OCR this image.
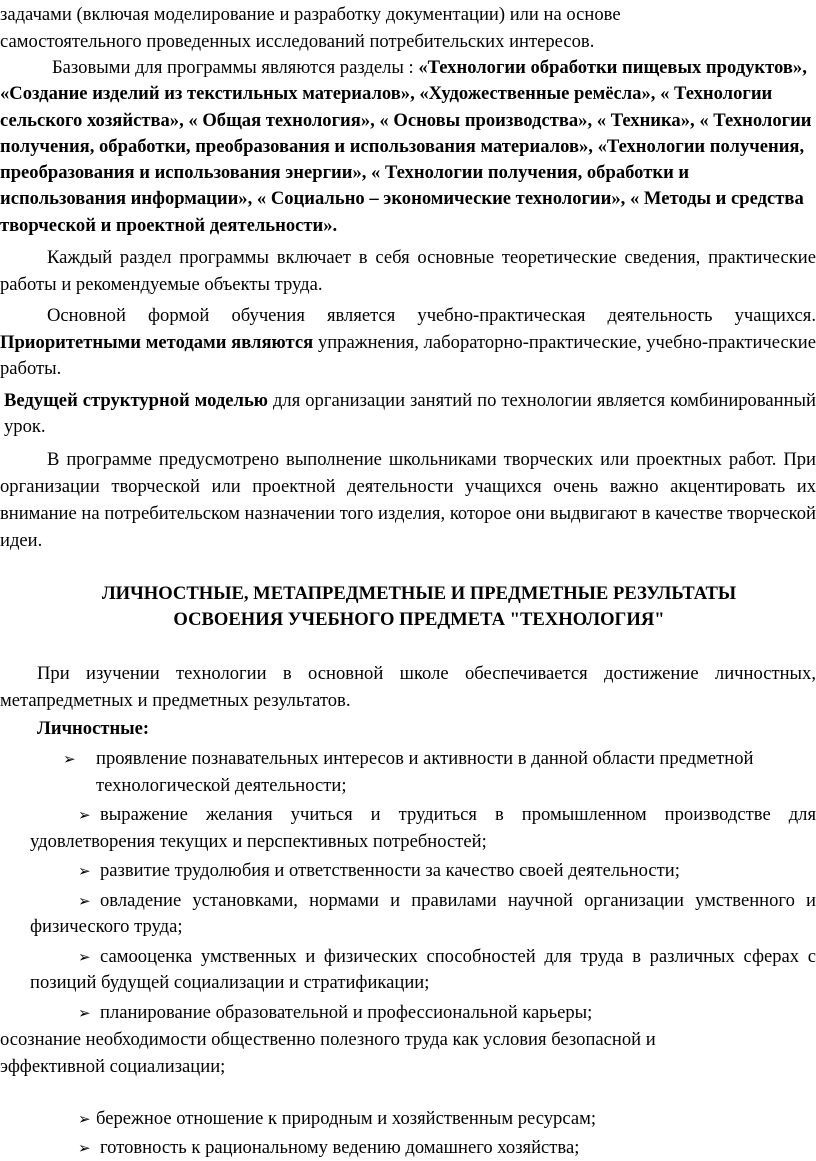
задачами (включая моделирование и разработку документации) или на основе
самостоятельного проведенных исследований потребительских интересов.

Базовыми для программы являются разделы : «Технологии обработки пищевых продуктов», «Создание изделий из текстильных материалов», «Художественные ремёсла», « Технологии сельского хозяйства», « Общая технология», « Основы производства», « Техника», « Технологии получения, обработки, преобразования и использования материалов», «Технологии получения, преобразования и использования энергии», « Технологии получения, обработки и использования информации», « Социально – экономические технологии», « Методы и средства творческой и проектной деятельности».

Каждый раздел программы включает в себя основные теоретические сведения, практические работы и рекомендуемые объекты труда.

Основной формой обучения является учебно-практическая деятельность учащихся. Приоритетными методами являются упражнения, лабораторно-практические, учебно-практические работы.

Ведущей структурной моделью для организации занятий по технологии является комбинированный урок.

В программе предусмотрено выполнение школьниками творческих или проектных работ. При организации творческой или проектной деятельности учащихся очень важно акцентировать их внимание на потребительском назначении того изделия, которое они выдвигают в качестве творческой идеи.

ЛИЧНОСТНЫЕ, МЕТАПРЕДМЕТНЫЕ И ПРЕДМЕТНЫЕ РЕЗУЛЬТАТЫ
ОСВОЕНИЯ УЧЕБНОГО ПРЕДМЕТА "ТЕХНОЛОГИЯ"

При изучении технологии в основной школе обеспечивается достижение личностных, метапредметных и предметных результатов.

Личностные:

➢ проявление познавательных интересов и активности в данной области предметной технологической деятельности;
➢ выражение желания учиться и трудиться в промышленном производстве для удовлетворения текущих и перспективных потребностей;
➢ развитие трудолюбия и ответственности за качество своей деятельности;
➢ овладение установками, нормами и правилами научной организации умственного и физического труда;
➢ самооценка умственных и физических способностей для труда в различных сферах с позиций будущей социализации и стратификации;
➢ планирование образовательной и профессиональной карьеры;

осознание необходимости общественно полезного труда как условия безопасной и эффективной социализации;

➢ бережное отношение к природным и хозяйственным ресурсам;
➢ готовность к рациональному ведению домашнего хозяйства;
